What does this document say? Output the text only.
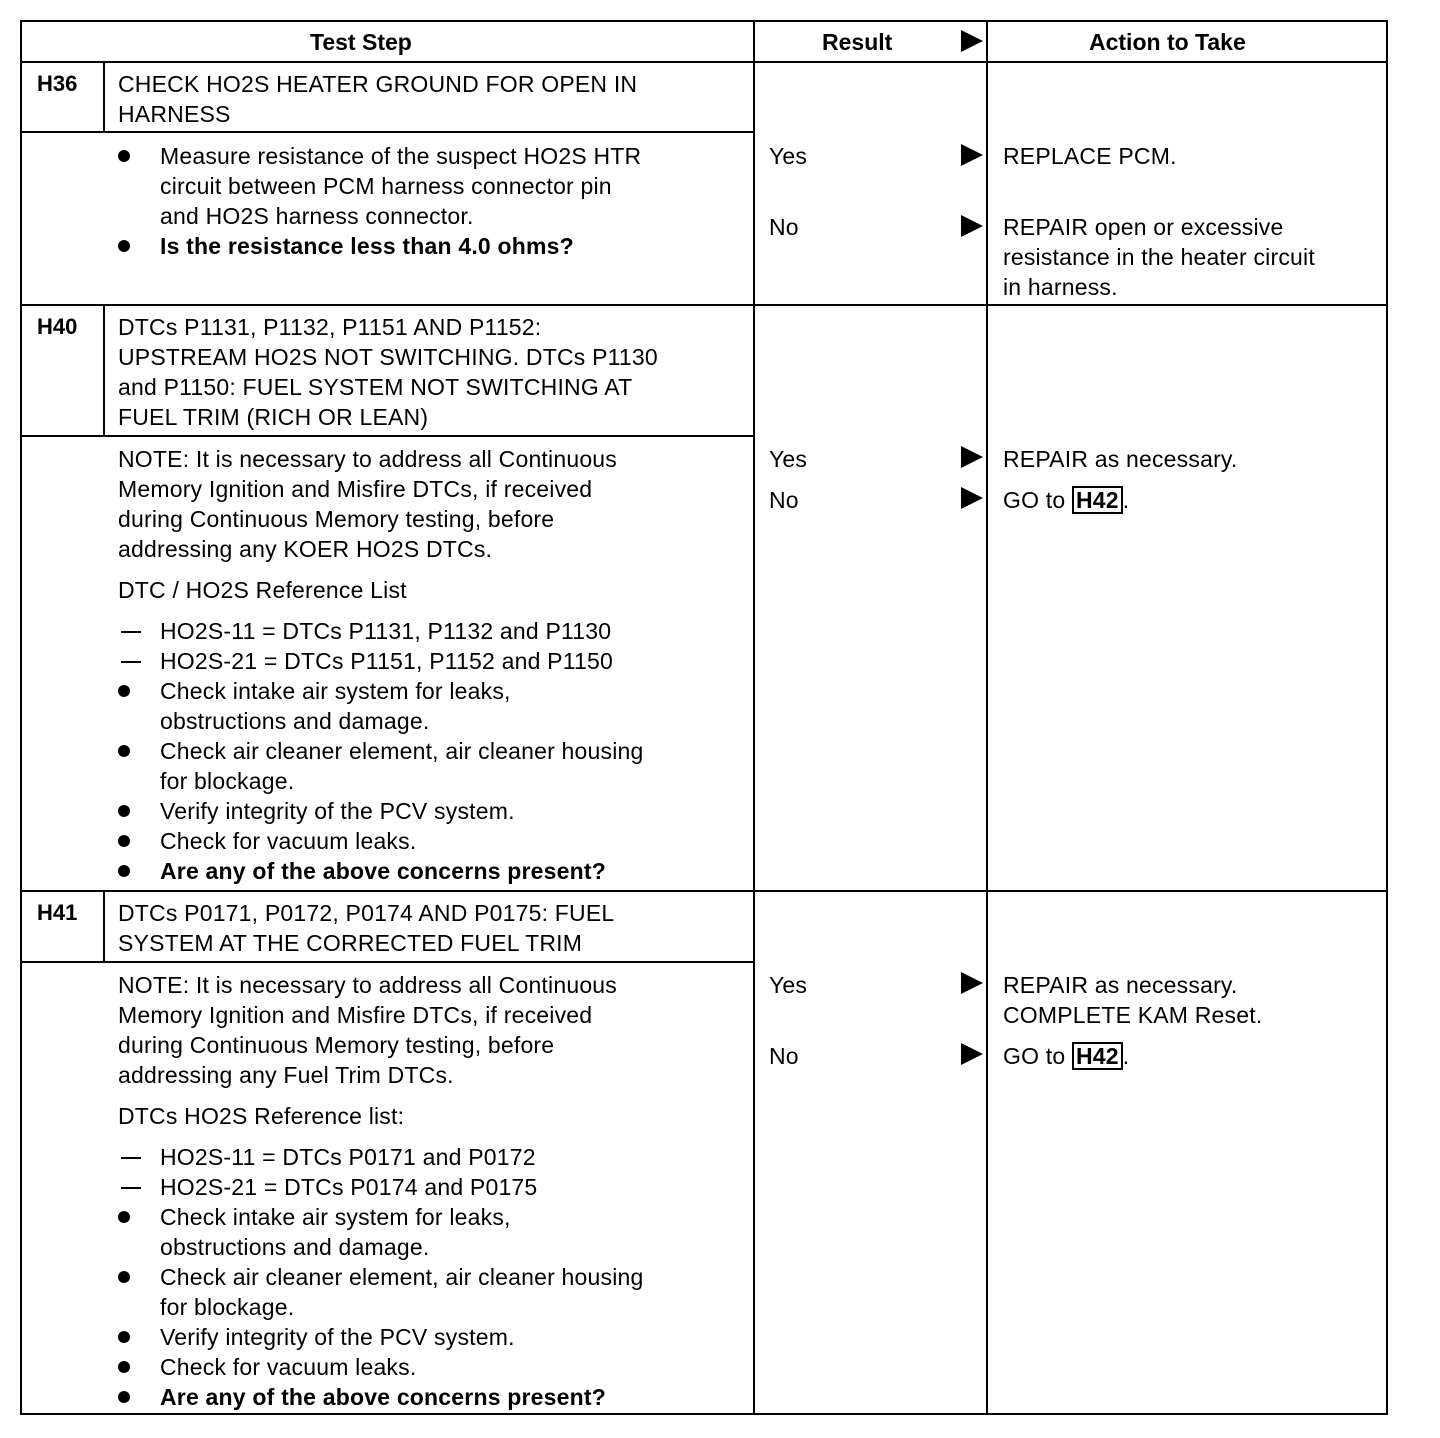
Test Step	Result	Action to Take
H36 CHECK HO2S HEATER GROUND FOR OPEN IN
HARNESS
Measure resistance of the suspect HO2S HTR
circuit between PCM harness connector pin
and HO2S harness connector.
Is the resistance less than 4.0 ohms?
Yes	REPLACE PCM.
No	REPAIR open or excessive
resistance in the heater circuit
in harness.
H40 DTCs P1131, P1132, P1151 AND P1152:
UPSTREAM HO2S NOT SWITCHING. DTCs P1130
and P1150: FUEL SYSTEM NOT SWITCHING AT
FUEL TRIM (RICH OR LEAN)
NOTE: It is necessary to address all Continuous
Memory Ignition and Misfire DTCs, if received
during Continuous Memory testing, before
addressing any KOER HO2S DTCs.
DTC / HO2S Reference List
HO2S-11 = DTCs P1131, P1132 and P1130
HO2S-21 = DTCs P1151, P1152 and P1150
Check intake air system for leaks,
obstructions and damage.
Check air cleaner element, air cleaner housing
for blockage.
Verify integrity of the PCV system.
Check for vacuum leaks.
Are any of the above concerns present?
Yes	REPAIR as necessary.
No	GO to H42 .
H41 DTCs P0171, P0172, P0174 AND P0175: FUEL
SYSTEM AT THE CORRECTED FUEL TRIM
NOTE: It is necessary to address all Continuous
Memory Ignition and Misfire DTCs, if received
during Continuous Memory testing, before
addressing any Fuel Trim DTCs.
DTCs HO2S Reference list:
HO2S-11 = DTCs P0171 and P0172
HO2S-21 = DTCs P0174 and P0175
Check intake air system for leaks,
obstructions and damage.
Check air cleaner element, air cleaner housing
for blockage.
Verify integrity of the PCV system.
Check for vacuum leaks.
Are any of the above concerns present?
Yes	REPAIR as necessary.
COMPLETE KAM Reset.
No	GO to H42 .
